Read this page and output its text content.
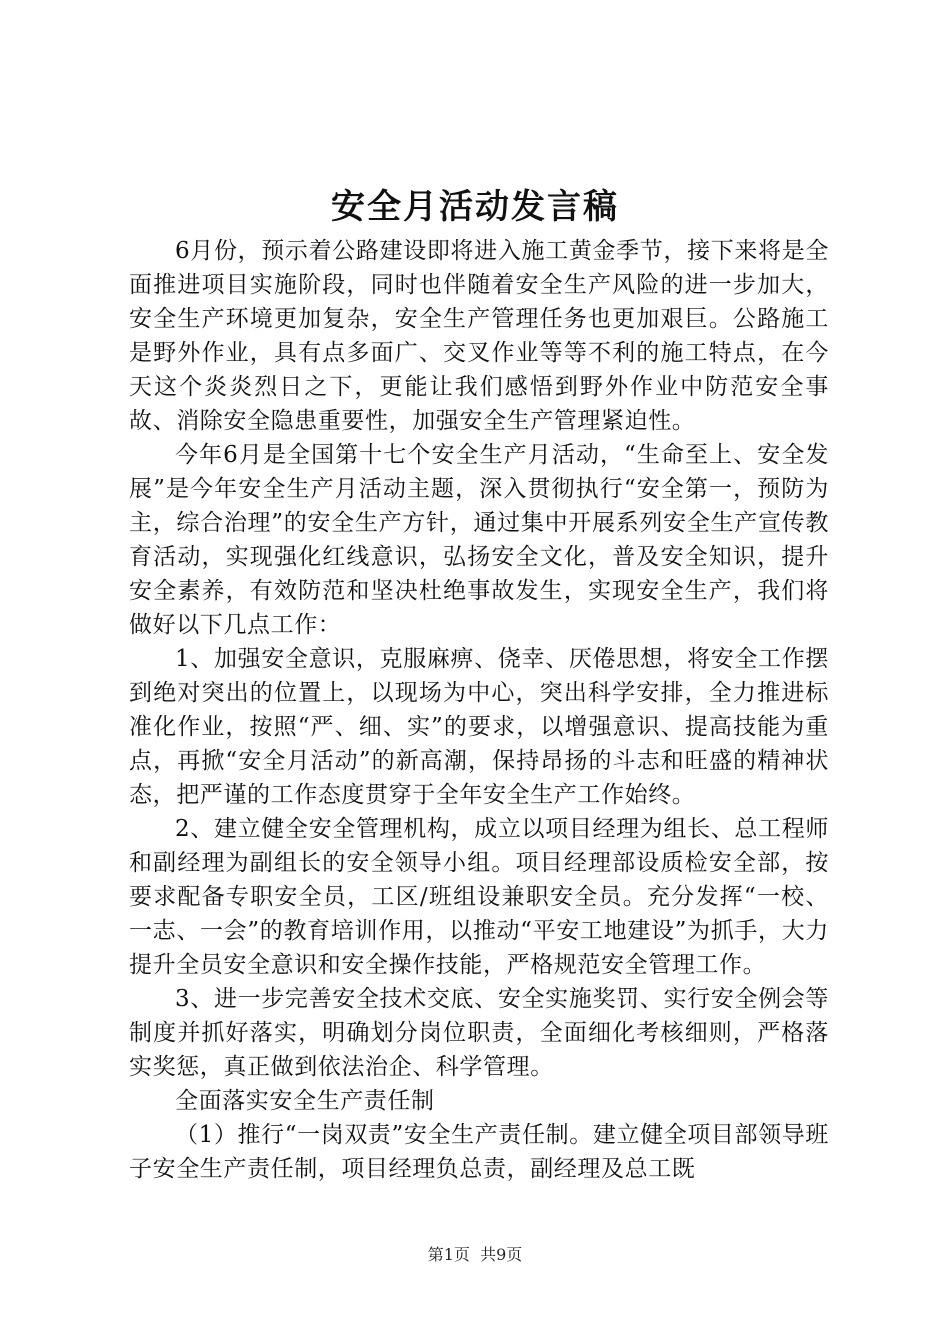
安全月活动发言稿

6月份，预示着公路建设即将进入施工黄金季节，接下来将是全面推进项目实施阶段，同时也伴随着安全生产风险的进一步加大，安全生产环境更加复杂，安全生产管理任务也更加艰巨。公路施工是野外作业，具有点多面广、交叉作业等等不利的施工特点，在今天这个炎炎烈日之下，更能让我们感悟到野外作业中防范安全事故、消除安全隐患重要性，加强安全生产管理紧迫性。

今年6月是全国第十七个安全生产月活动，“生命至上、安全发展”是今年安全生产月活动主题，深入贯彻执行“安全第一，预防为主，综合治理”的安全生产方针，通过集中开展系列安全生产宣传教育活动，实现强化红线意识，弘扬安全文化，普及安全知识，提升安全素养，有效防范和坚决杜绝事故发生，实现安全生产，我们将做好以下几点工作：

1、加强安全意识，克服麻痹、侥幸、厌倦思想，将安全工作摆到绝对突出的位置上，以现场为中心，突出科学安排，全力推进标准化作业，按照“严、细、实”的要求，以增强意识、提高技能为重点，再掀“安全月活动”的新高潮，保持昂扬的斗志和旺盛的精神状态，把严谨的工作态度贯穿于全年安全生产工作始终。

2、建立健全安全管理机构，成立以项目经理为组长、总工程师和副经理为副组长的安全领导小组。项目经理部设质检安全部，按要求配备专职安全员，工区/班组设兼职安全员。充分发挥“一校、一志、一会”的教育培训作用，以推动“平安工地建设”为抓手，大力提升全员安全意识和安全操作技能，严格规范安全管理工作。

3、进一步完善安全技术交底、安全实施奖罚、实行安全例会等制度并抓好落实，明确划分岗位职责，全面细化考核细则，严格落实奖惩，真正做到依法治企、科学管理。

全面落实安全生产责任制

（1）推行“一岗双责”安全生产责任制。建立健全项目部领导班子安全生产责任制，项目经理负总责，副经理及总工既

第1页 共9页
